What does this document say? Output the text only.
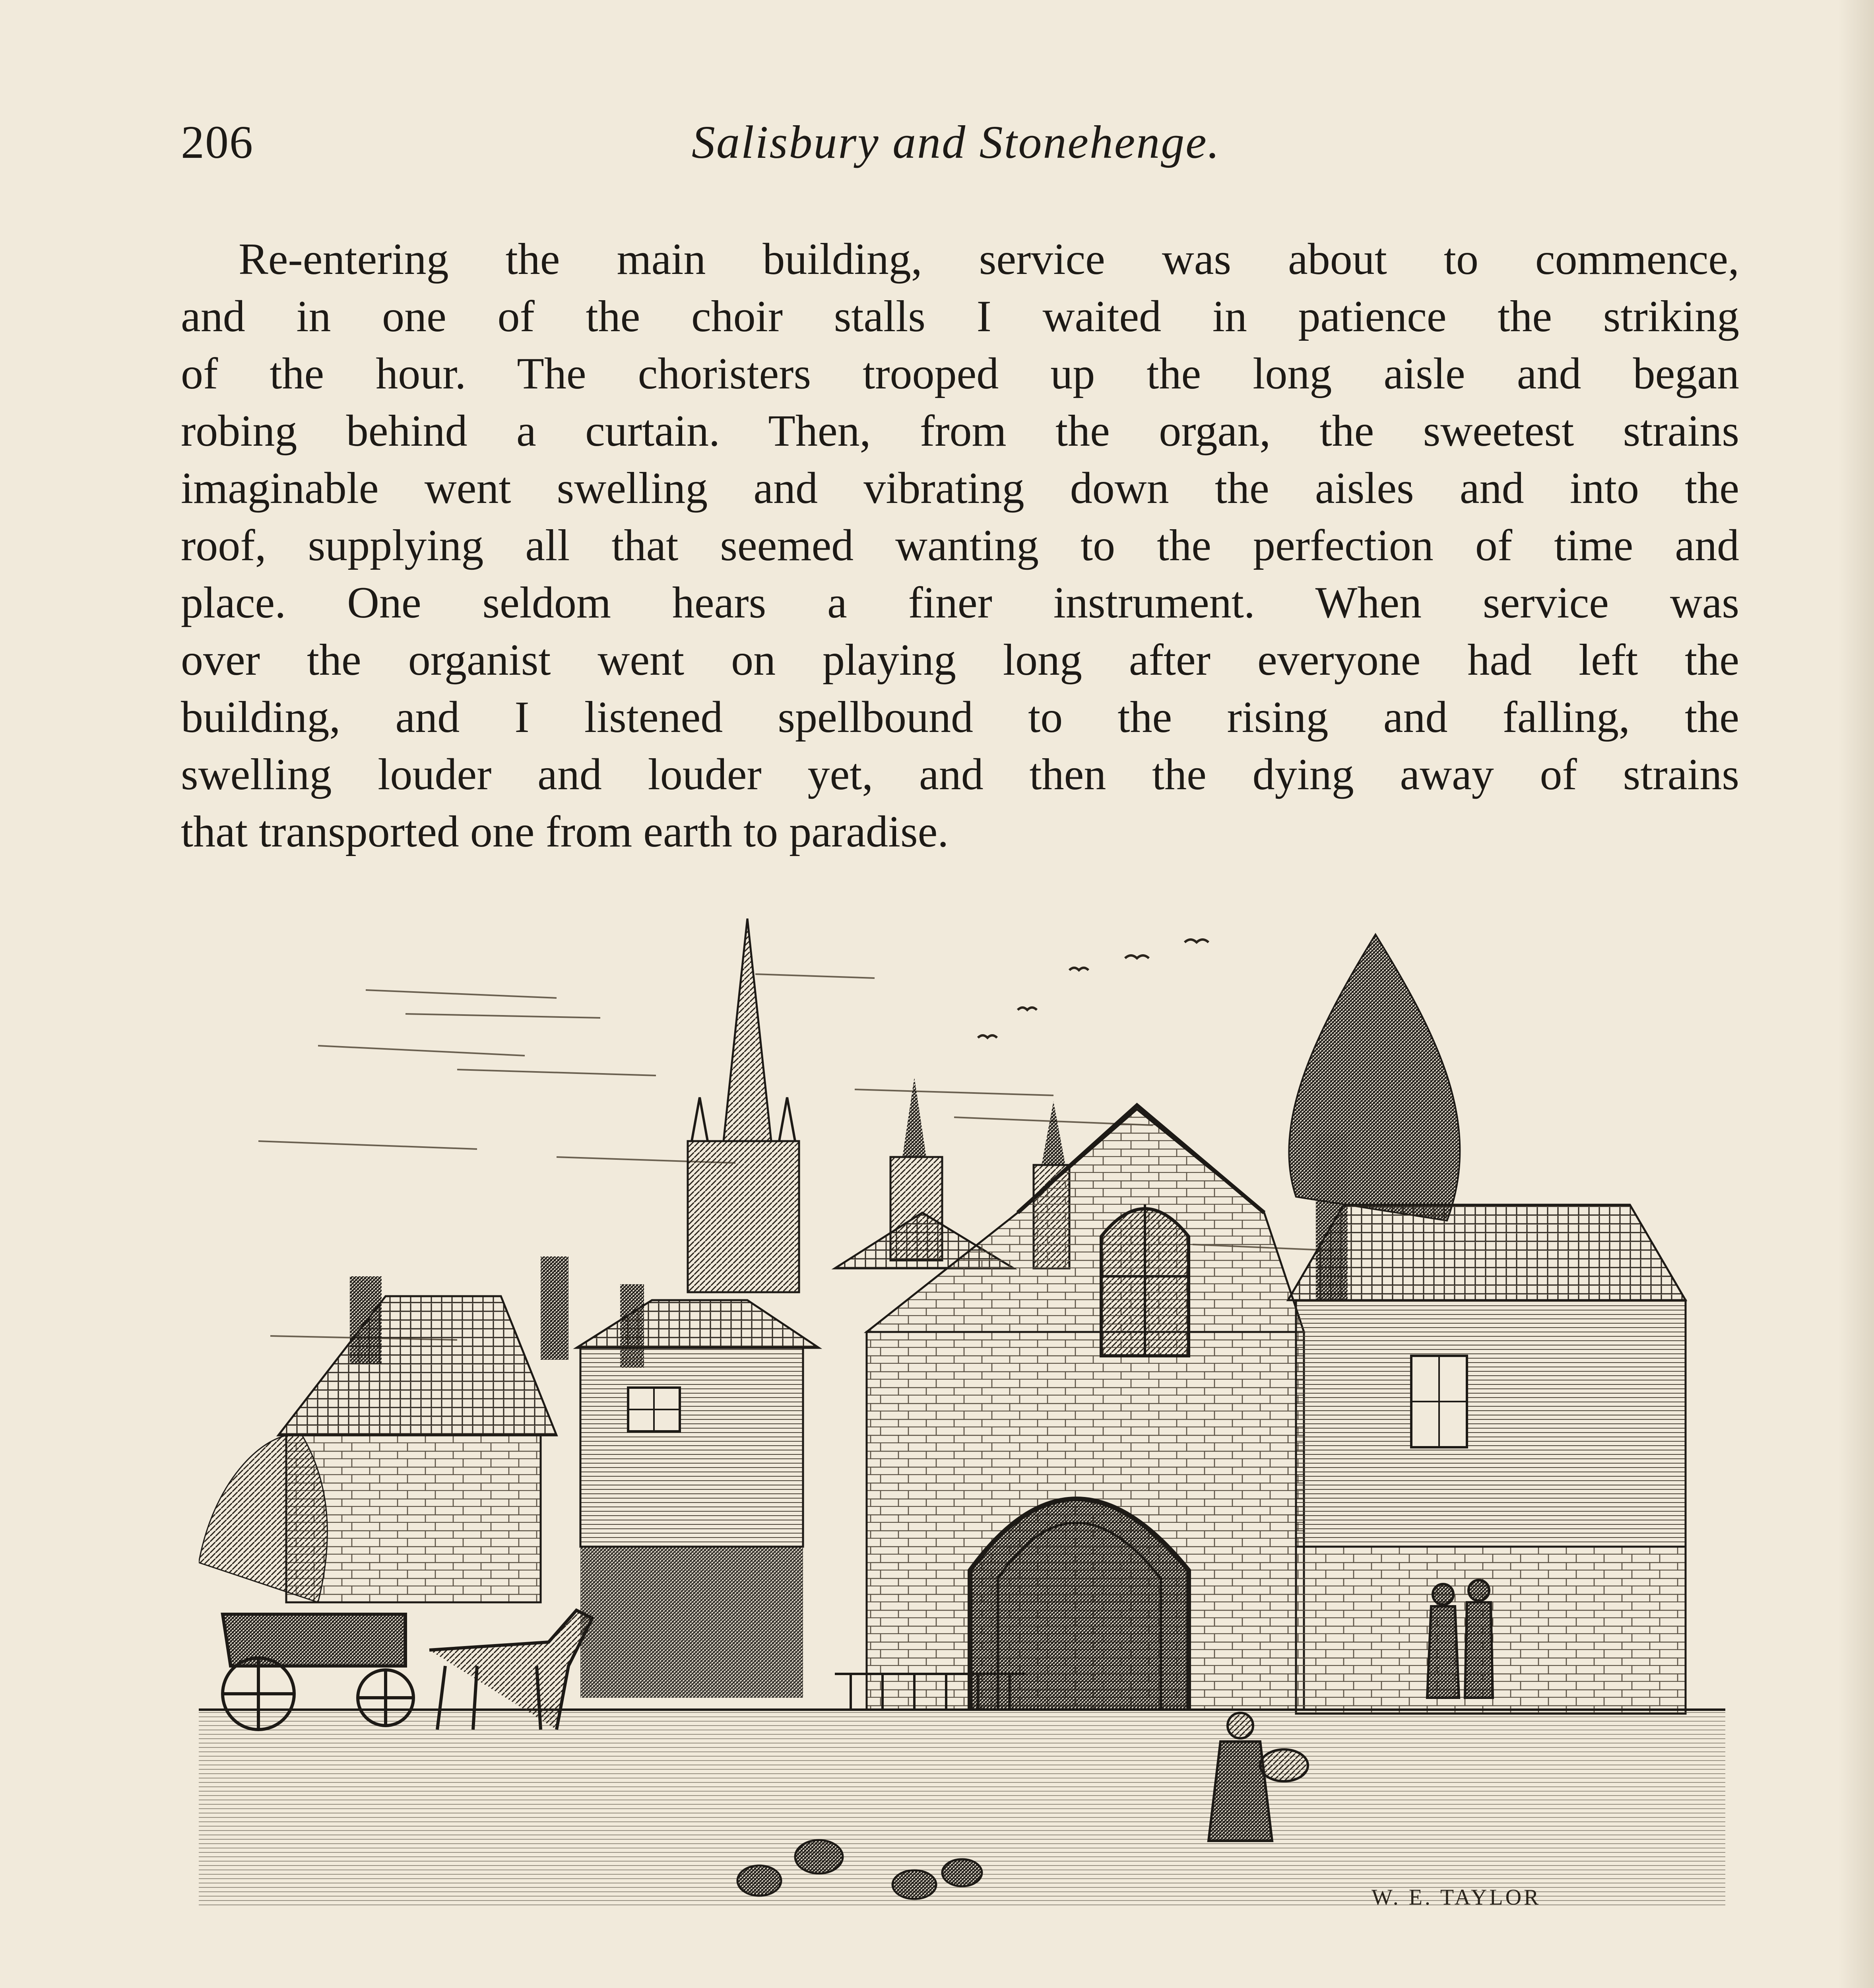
206	Salisbury and Stonehenge.
Re-entering the main building, service was about to commence,
and in one of the choir stalls I waited in patience the striking
of the hour. The choristers trooped up the long aisle and began
robing behind a curtain. Then, from the organ, the sweetest strains
imaginable went swelling and vibrating down the aisles and into the
roof, supplying all that seemed wanting to the perfection of time and
place. One seldom hears a finer instrument. When service was
over the organist went on playing long after everyone had left the
building, and I listened spellbound to the rising and falling, the
swelling louder and louder yet, and then the dying away of strains
that transported one from earth to paradise.
W. E. TAYLOR
